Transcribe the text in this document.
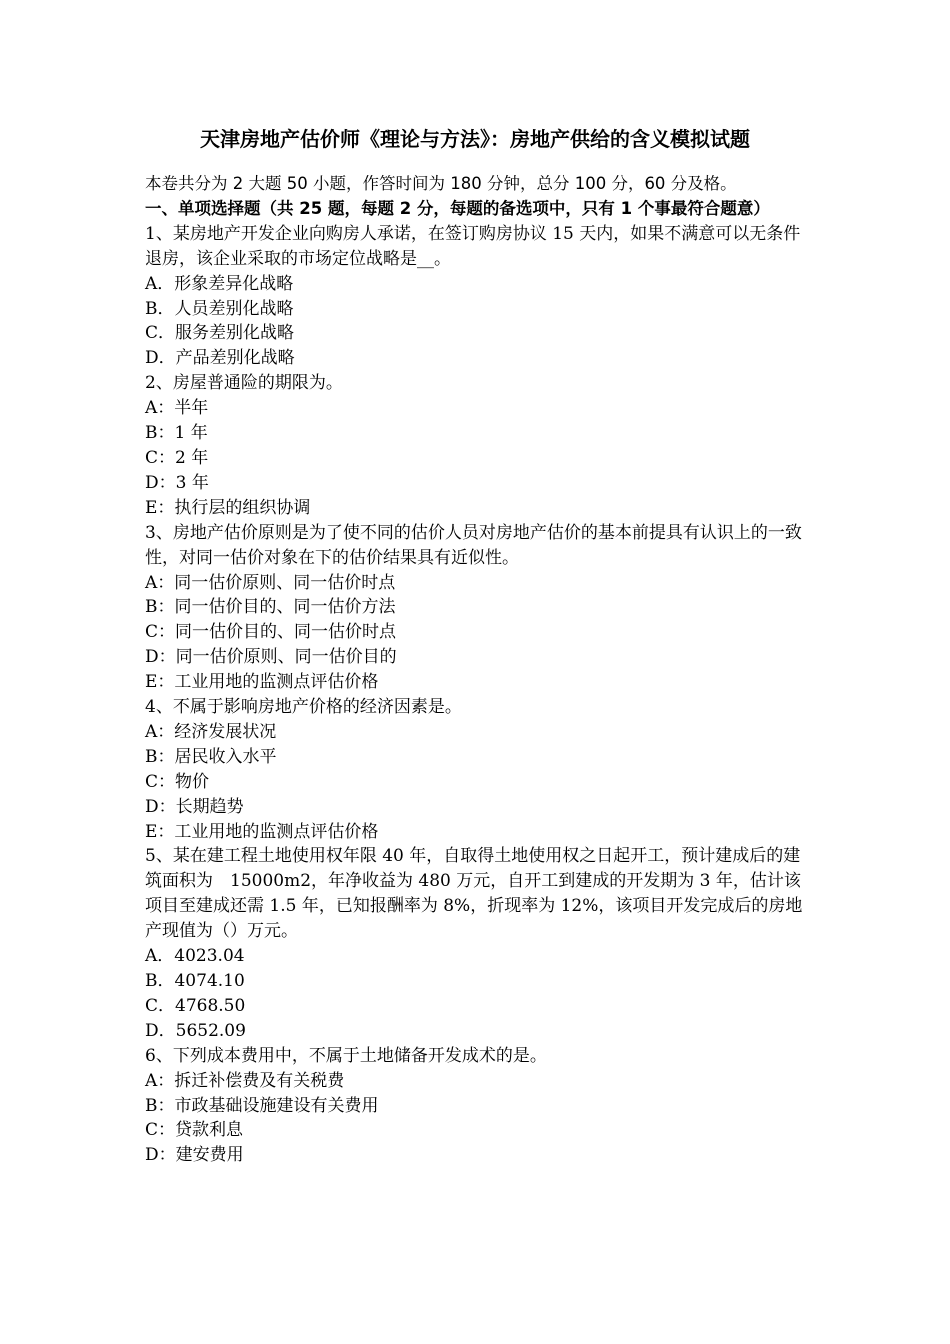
天津房地产估价师《理论与方法》：房地产供给的含义模拟试题

本卷共分为 2 大题 50 小题，作答时间为 180 分钟，总分 100 分，60 分及格。

一、单项选择题（共 25 题，每题 2 分，每题的备选项中，只有 1 个事最符合题意）

1、某房地产开发企业向购房人承诺，在签订购房协议 15 天内，如果不满意可以无条件退房，该企业采取的市场定位战略是__。

A．形象差异化战略

B．人员差别化战略

C．服务差别化战略

D．产品差别化战略

2、房屋普通险的期限为。

A：半年

B：1 年

C：2 年

D：3 年

E：执行层的组织协调

3、房地产估价原则是为了使不同的估价人员对房地产估价的基本前提具有认识上的一致性，对同一估价对象在下的估价结果具有近似性。

A：同一估价原则、同一估价时点

B：同一估价目的、同一估价方法

C：同一估价目的、同一估价时点

D：同一估价原则、同一估价目的

E：工业用地的监测点评估价格

4、不属于影响房地产价格的经济因素是。

A：经济发展状况

B：居民收入水平

C：物价

D：长期趋势

E：工业用地的监测点评估价格

5、某在建工程土地使用权年限 40 年，自取得土地使用权之日起开工，预计建成后的建筑面积为　15000m2，年净收益为 480 万元，自开工到建成的开发期为 3 年，估计该项目至建成还需 1.5 年，已知报酬率为 8%，折现率为 12%，该项目开发完成后的房地产现值为（）万元。

A．4023.04

B．4074.10

C．4768.50

D．5652.09

6、下列成本费用中，不属于土地储备开发成术的是。

A：拆迁补偿费及有关税费

B：市政基础设施建设有关费用

C：贷款利息

D：建安费用
